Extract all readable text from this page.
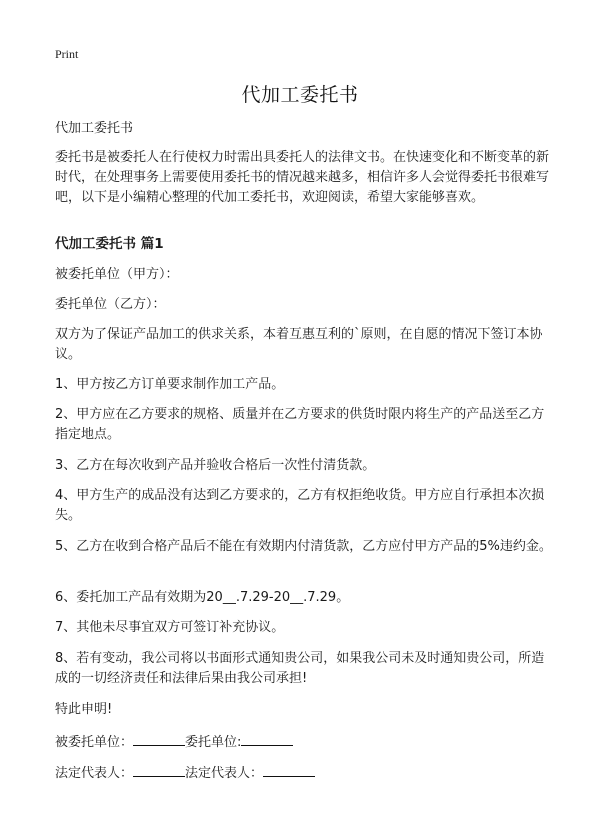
Print
代加工委托书
代加工委托书
委托书是被委托人在行使权力时需出具委托人的法律文书。在快速变化和不断变革的新时代，在处理事务上需要使用委托书的情况越来越多，相信许多人会觉得委托书很难写吧，以下是小编精心整理的代加工委托书，欢迎阅读，希望大家能够喜欢。
代加工委托书 篇1
被委托单位（甲方）：
委托单位（乙方）：
双方为了保证产品加工的供求关系，本着互惠互利的`原则，在自愿的情况下签订本协议。
1、甲方按乙方订单要求制作加工产品。
2、甲方应在乙方要求的规格、质量并在乙方要求的供货时限内将生产的产品送至乙方指定地点。
3、乙方在每次收到产品并验收合格后一次性付清货款。
4、甲方生产的成品没有达到乙方要求的，乙方有权拒绝收货。甲方应自行承担本次损失。
5、乙方在收到合格产品后不能在有效期内付清货款，乙方应付甲方产品的5%违约金。
6、委托加工产品有效期为20__.7.29-20__.7.29。
7、其他未尽事宜双方可签订补充协议。
8、若有变动，我公司将以书面形式通知贵公司，如果我公司未及时通知贵公司，所造成的一切经济责任和法律后果由我公司承担!
特此申明!
被委托单位：	委托单位:
法定代表人：	法定代表人：
